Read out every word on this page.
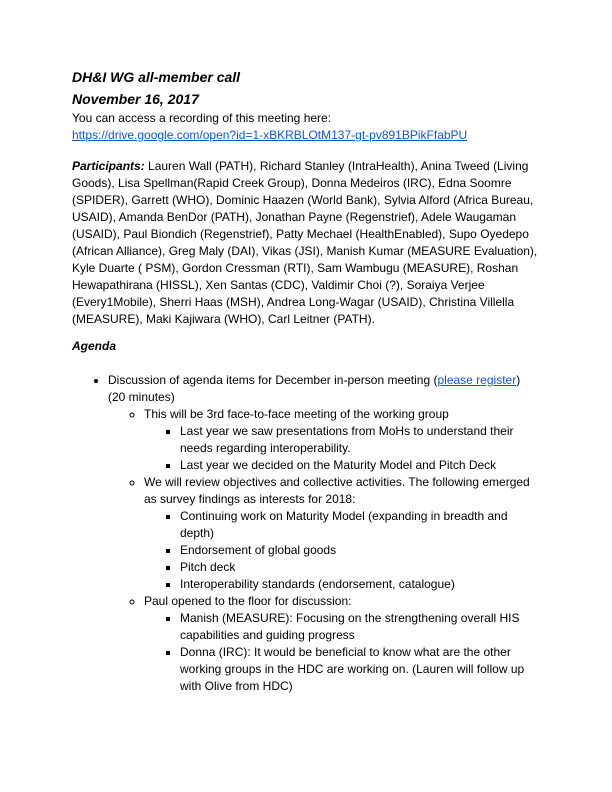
DH&I WG all-member call

November 16, 2017

You can access a recording of this meeting here:

https://drive.google.com/open?id=1-xBKRBLOtM137-gt-pv891BPikFfabPU

Participants: Lauren Wall (PATH), Richard Stanley (IntraHealth), Anina Tweed (Living Goods), Lisa Spellman(Rapid Creek Group), Donna Medeiros (IRC), Edna Soomre (SPIDER), Garrett (WHO), Dominic Haazen (World Bank), Sylvia Alford (Africa Bureau, USAID), Amanda BenDor (PATH), Jonathan Payne (Regenstrief), Adele Waugaman (USAID), Paul Biondich (Regenstrief), Patty Mechael (HealthEnabled), Supo Oyedepo (African Alliance), Greg Maly (DAI), Vikas (JSI), Manish Kumar (MEASURE Evaluation), Kyle Duarte ( PSM), Gordon Cressman (RTI), Sam Wambugu (MEASURE), Roshan Hewapathirana (HISSL), Xen Santas (CDC), Valdimir Choi (?), Soraiya Verjee (Every1Mobile), Sherri Haas (MSH), Andrea Long-Wagar (USAID), Christina Villella (MEASURE), Maki Kajiwara (WHO), Carl Leitner (PATH).

Agenda

• Discussion of agenda items for December in-person meeting (please register) (20 minutes)
◦ This will be 3rd face-to-face meeting of the working group
▪ Last year we saw presentations from MoHs to understand their needs regarding interoperability.
▪ Last year we decided on the Maturity Model and Pitch Deck
◦ We will review objectives and collective activities. The following emerged as survey findings as interests for 2018:
▪ Continuing work on Maturity Model (expanding in breadth and depth)
▪ Endorsement of global goods
▪ Pitch deck
▪ Interoperability standards (endorsement, catalogue)
◦ Paul opened to the floor for discussion:
▪ Manish (MEASURE): Focusing on the strengthening overall HIS capabilities and guiding progress
▪ Donna (IRC): It would be beneficial to know what are the other working groups in the HDC are working on. (Lauren will follow up with Olive from HDC)
